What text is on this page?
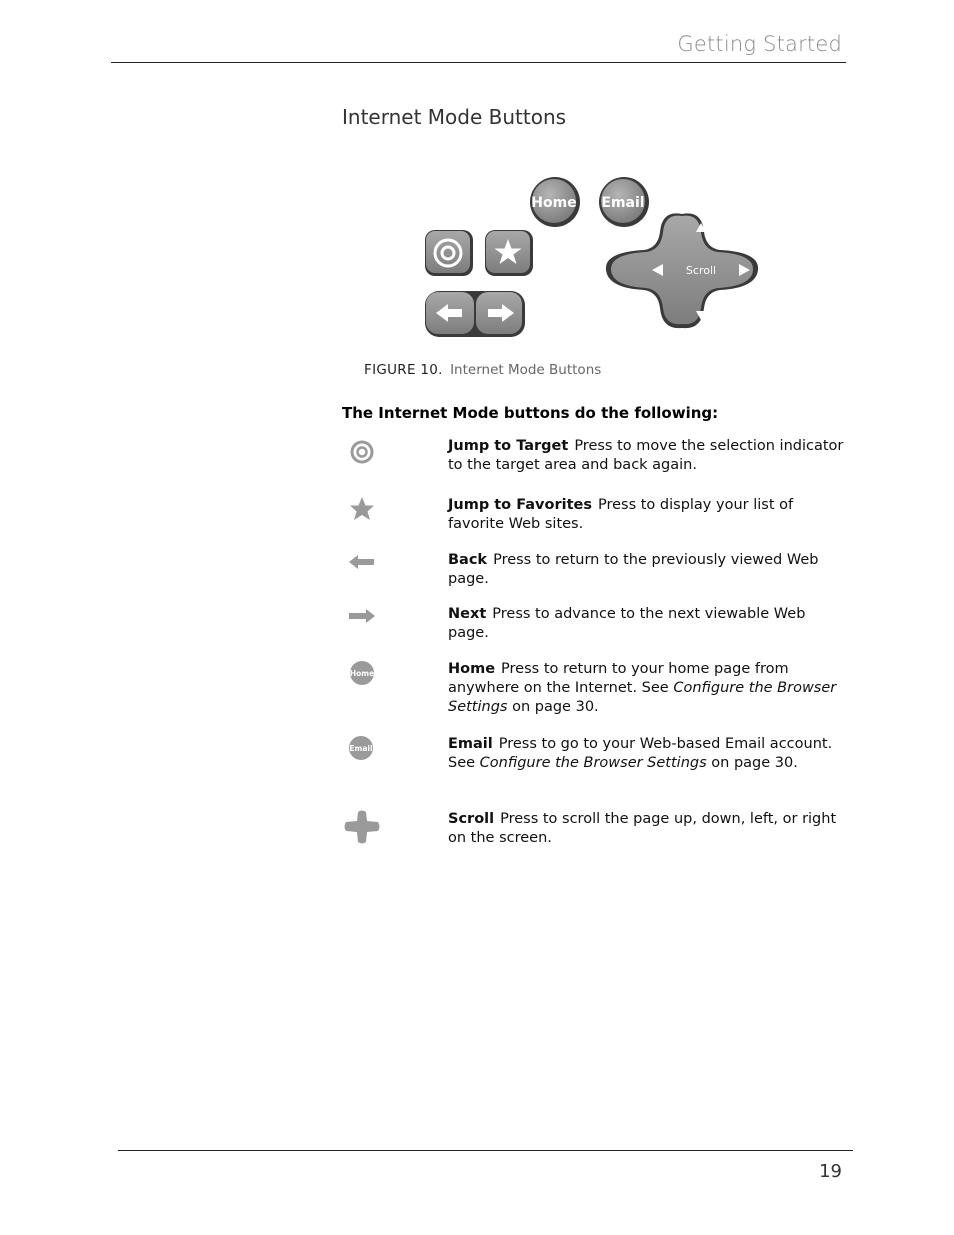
Getting Started
Internet Mode Buttons
Home Email
Scroll
FIGURE 10. Internet Mode Buttons
The Internet Mode buttons do the following:
Jump to Target Press to move the selection indicator to the target area and back again.
Jump to Favorites Press to display your list of favorite Web sites.
Back Press to return to the previously viewed Web page.
Next Press to advance to the next viewable Web page.
Home	Home Press to return to your home page from anywhere on the Internet. See Configure the Browser Settings on page 30.
Email	Email Press to go to your Web-based Email account. See Configure the Browser Settings on page 30.
Scroll Press to scroll the page up, down, left, or right on the screen.
19
